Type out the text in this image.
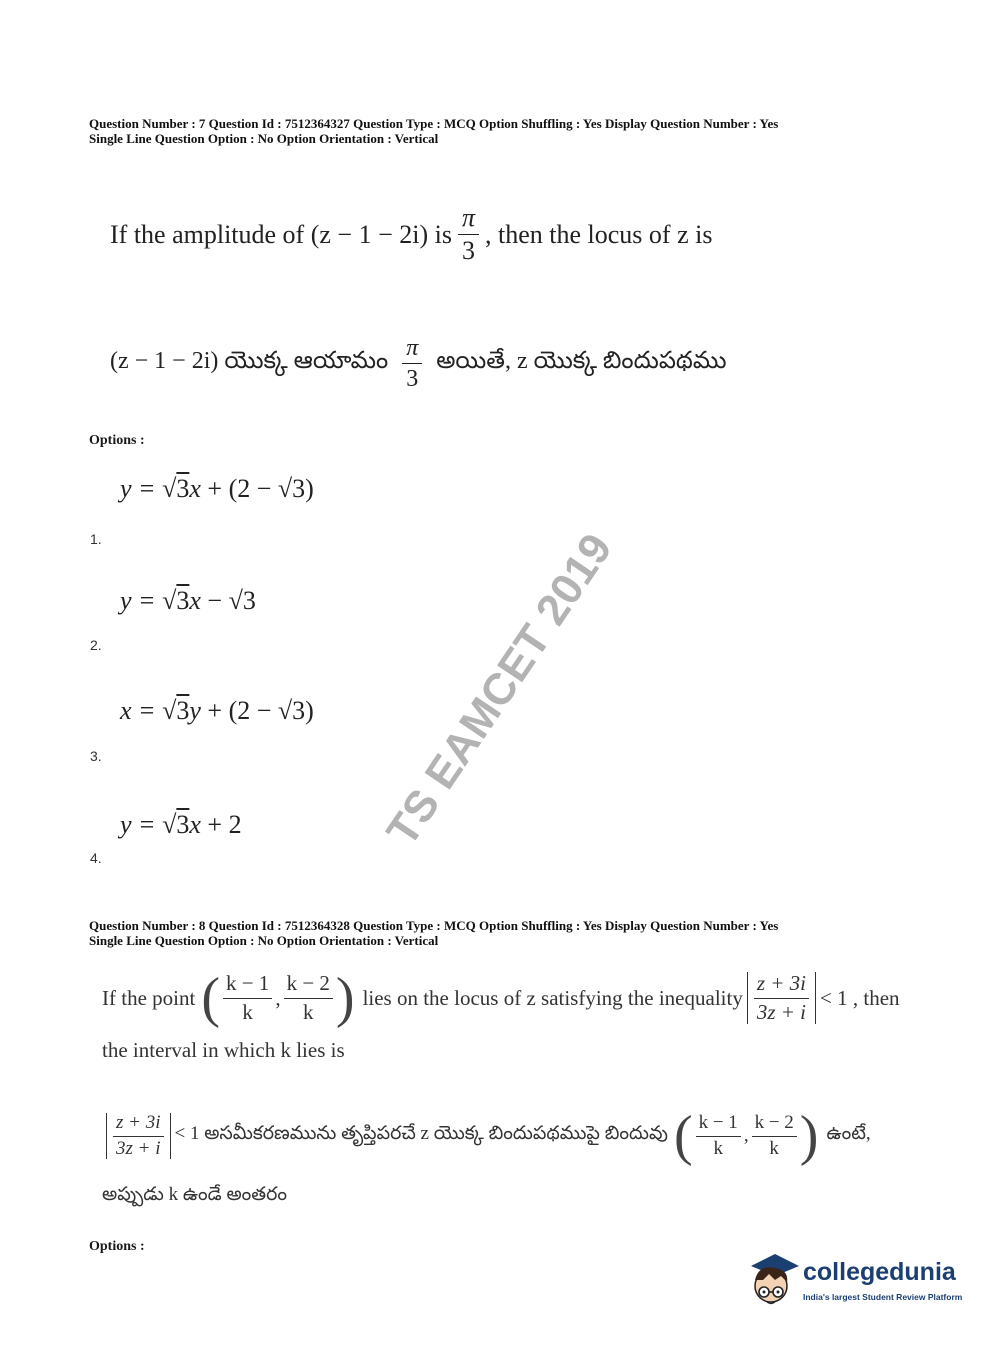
Question Number : 7 Question Id : 7512364327 Question Type : MCQ Option Shuffling : Yes Display Question Number : Yes
Single Line Question Option : No Option Orientation : Vertical
If the amplitude of (z − 1 − 2i) is $\frac{\pi}{3}$ , then the locus of z is
(z − 1 − 2i) యొక్క ఆయామం $\frac{\pi}{3}$ అయితే, z యొక్క బిందుపథము
Options :
y = √3x + (2 − √3)
1.
y = √3x − √3
2.
x = √3y + (2 − √3)
3.
y = √3x + 2
4.
TS EAMCET 2019
Question Number : 8 Question Id : 7512364328 Question Type : MCQ Option Shuffling : Yes Display Question Number : Yes
Single Line Question Option : No Option Orientation : Vertical
If the point ( $\frac{k - 1}{k}$ , $\frac{k - 2}{k}$ ) lies on the locus of z satisfying the inequality $\frac{z + 3i}{3z + i} < 1$ , then
the interval in which k lies is
$\frac{z + 3i}{3z + i} < 1$ అసమీకరణమును తృప్తిపరచే z యొక్క బిందుపథముపై బిందువు ( $\frac{k - 1}{k}$ , $\frac{k - 2}{k}$ ) ఉంటే,
అప్పుడు k ఉండే అంతరం
Options :
collegedunia
India's largest Student Review Platform
